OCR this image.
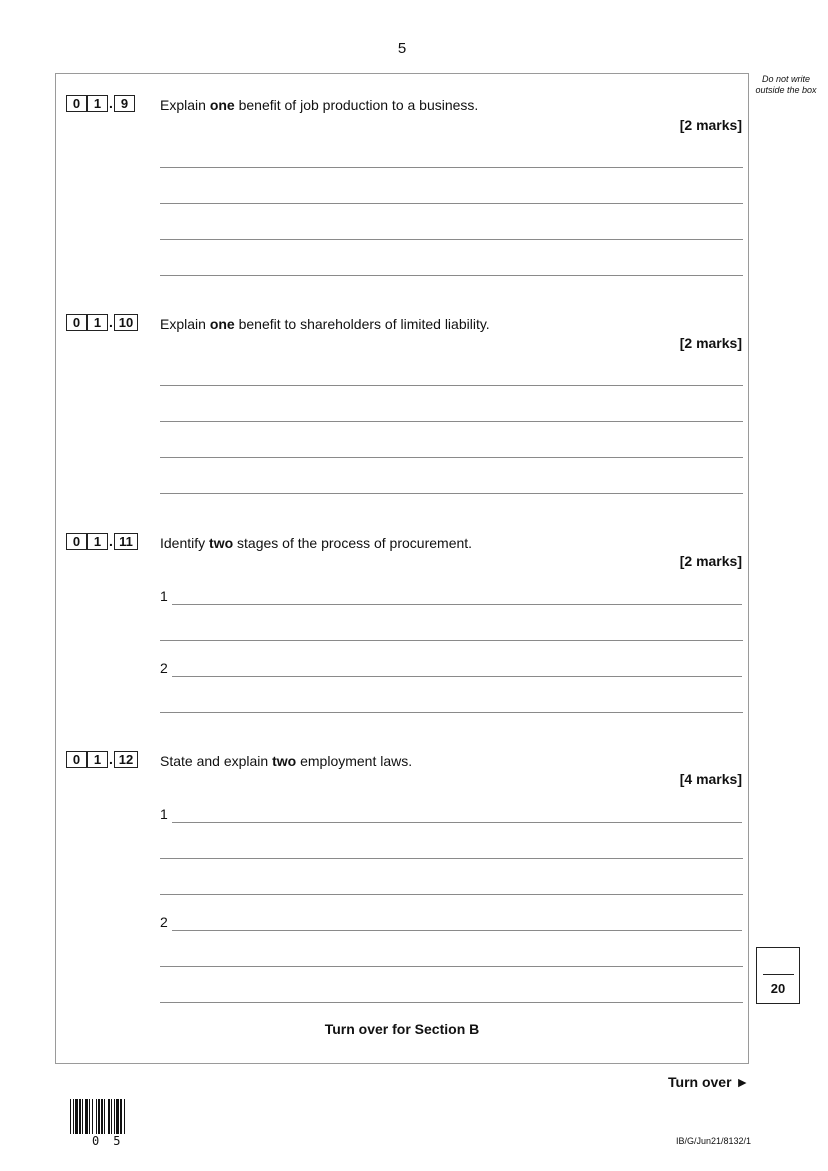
5
Do not write outside the box
0	1 . 9	Explain one benefit of job production to a business.
[2 marks]
0	1 . 10	Explain one benefit to shareholders of limited liability.
[2 marks]
0	1 . 11	Identify two stages of the process of procurement.
[2 marks]
1
2
0	1 . 12	State and explain two employment laws.
[4 marks]
1
2
20
Turn over for Section B
Turn over ►
05	IB/G/Jun21/8132/1
